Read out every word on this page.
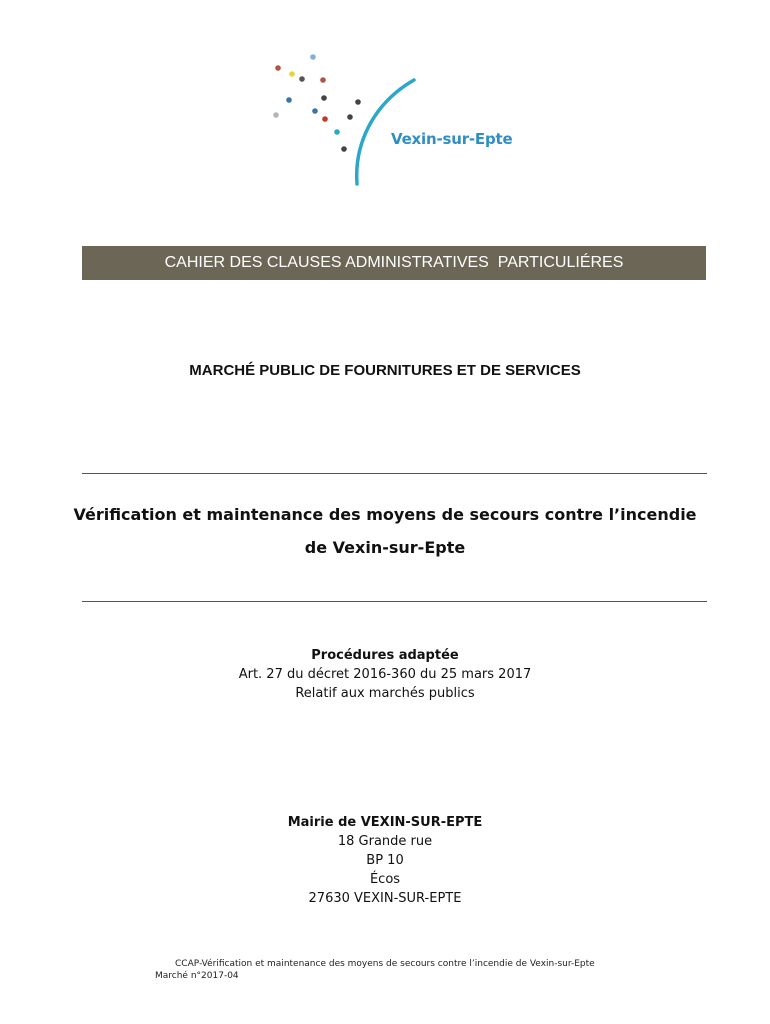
Vexin-sur-Epte
CAHIER DES CLAUSES ADMINISTRATIVES  PARTICULIÉRES
MARCHÉ PUBLIC DE FOURNITURES ET DE SERVICES
Vérification et maintenance des moyens de secours contre l’incendie
de Vexin-sur-Epte
Procédures adaptée
Art. 27 du décret 2016-360 du 25 mars 2017
Relatif aux marchés publics
Mairie de VEXIN-SUR-EPTE
18 Grande rue
BP 10
Écos
27630 VEXIN-SUR-EPTE
CCAP-Vérification et maintenance des moyens de secours contre l’incendie de Vexin-sur-Epte
Marché n°2017-04
